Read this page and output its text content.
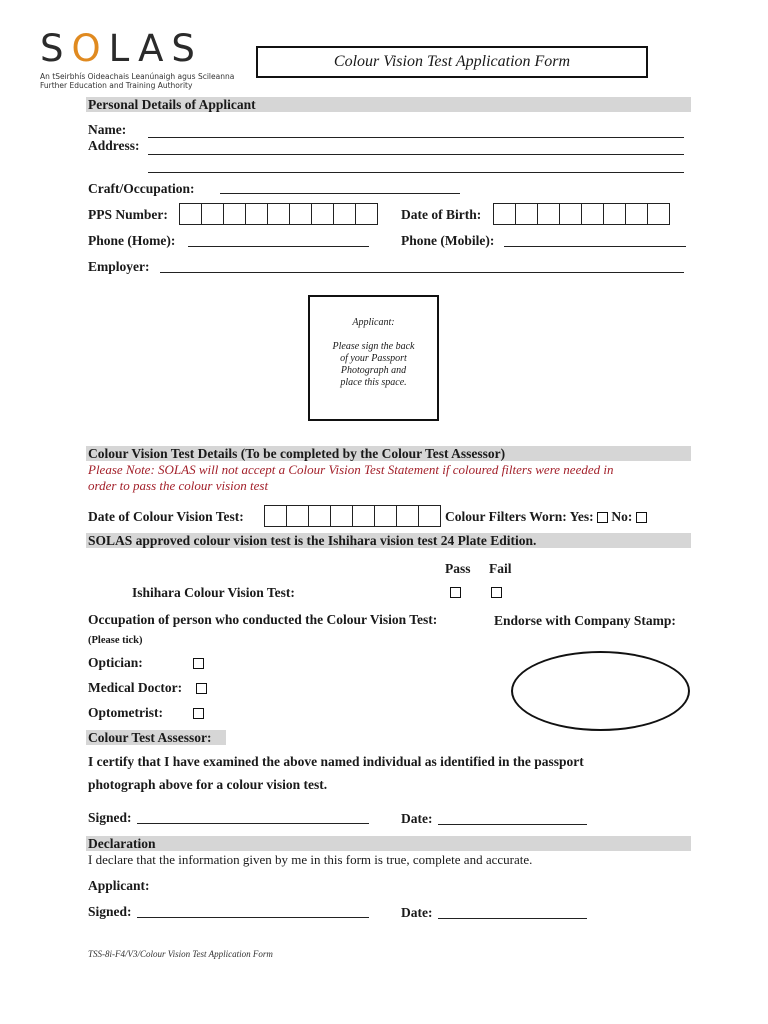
SOLAS
An tSeirbhís Oideachais Leanúnaigh agus Scileanna
Further Education and Training Authority
Colour Vision Test Application Form
Personal Details of Applicant
Name:
Address:
Craft/Occupation:
PPS Number:	Date of Birth:
Phone (Home):	Phone (Mobile):
Employer:
Applicant:
Please sign the back
of your Passport
Photograph and
place this space.
Colour Vision Test Details (To be completed by the Colour Test Assessor)
Please Note: SOLAS will not accept a Colour Vision Test Statement if coloured filters were needed in
order to pass the colour vision test
Date of Colour Vision Test:	Colour Filters Worn: Yes: No:
SOLAS approved colour vision test is the Ishihara vision test 24 Plate Edition.
Pass Fail
Ishihara Colour Vision Test:
Occupation of person who conducted the Colour Vision Test:	Endorse with Company Stamp:
(Please tick)
Optician:
Medical Doctor:
Optometrist:
Colour Test Assessor:
I certify that I have examined the above named individual as identified in the passport
photograph above for a colour vision test.
Signed:	Date:
Declaration
I declare that the information given by me in this form is true, complete and accurate.
Applicant:
Signed:	Date:
TSS-8i-F4/V3/Colour Vision Test Application Form
